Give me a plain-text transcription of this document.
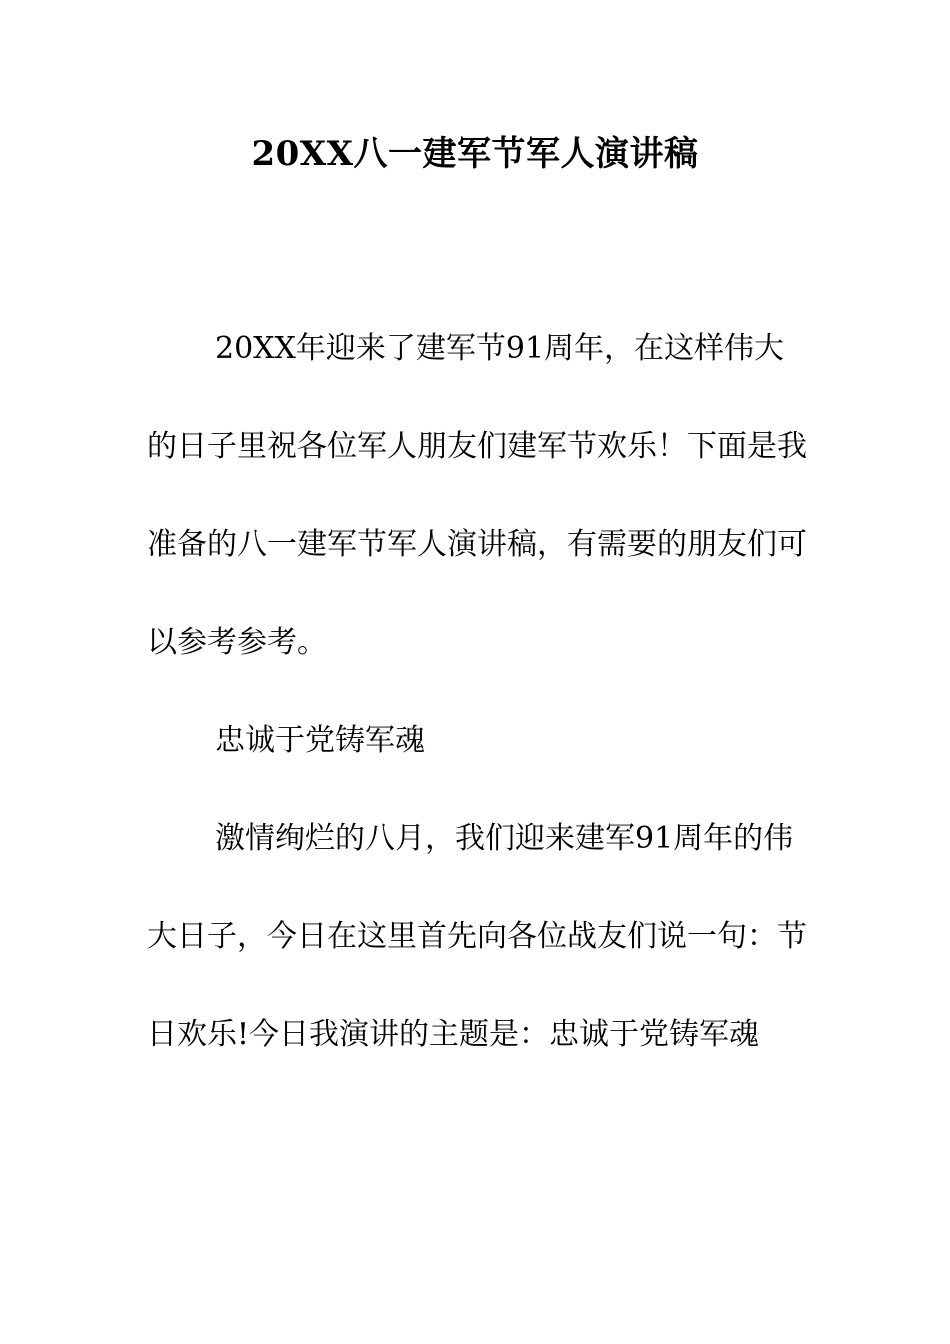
20XX八一建军节军人演讲稿

20XX年迎来了建军节91周年，在这样伟大的日子里祝各位军人朋友们建军节欢乐！下面是我准备的八一建军节军人演讲稿，有需要的朋友们可以参考参考。

忠诚于党铸军魂

激情绚烂的八月，我们迎来建军91周年的伟大日子，今日在这里首先向各位战友们说一句：节日欢乐!今日我演讲的主题是：忠诚于党铸军魂
